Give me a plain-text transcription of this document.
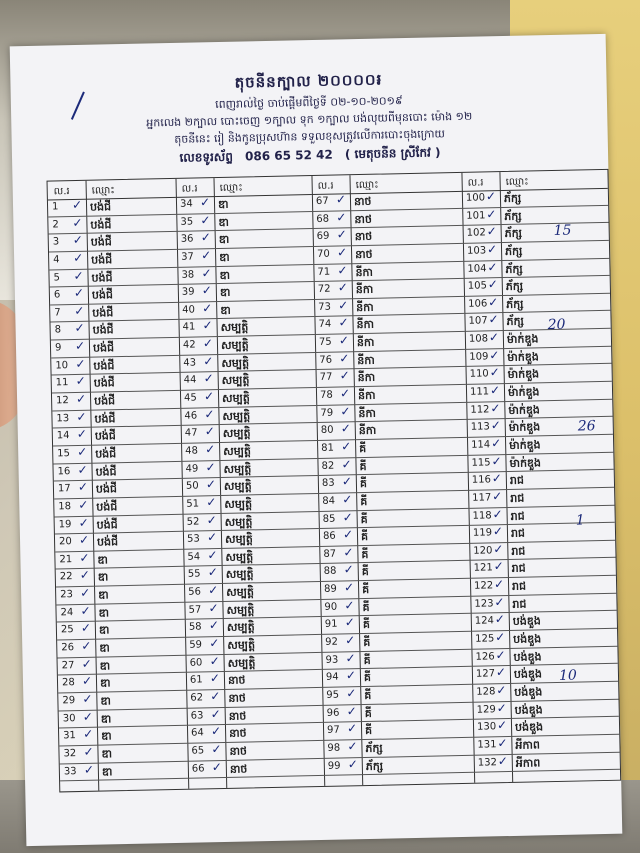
តុចនីនក្បាល ២០០០០៛
ពេញរាល់ថ្ងៃ ចាប់ផ្តើមពីថ្ងៃទី ០២-១០-២០១៩
អ្នកលេង ២ក្បាល បោះចេញ ១ក្បាល ទុក ១ក្បាល បង់លុយពីមុនបោះ ម៉ោង ១២
តុចនីនេះ រៀ និងកូនប្រុសហ៊ាន ទទួលខុសត្រូវលើការបោះចុងក្រោយ
លេខទូរស័ព្ទ 086 65 52 42 ( មេតុចនីន ស្រីកែវ )
ល.រ ឈ្មោះ
1	✓ បង់ជី
2	✓ បង់ជី
3	✓ បង់ជី
4	✓ បង់ជី
5	✓ បង់ជី
6	✓ បង់ជី
7	✓ បង់ជី
8	✓ បង់ជី
9	✓ បង់ជី
10 ✓ បង់ជី
11 ✓ បង់ជី
12 ✓ បង់ជី
13 ✓ បង់ជី
14 ✓ បង់ជី
15 ✓ បង់ជី
16 ✓ បង់ជី
17 ✓ បង់ជី
18 ✓ បង់ជី
19 ✓ បង់ជី
20 ✓ បង់ជី
21 ✓ ឌា
22 ✓ ឌា
23 ✓ ឌា
24 ✓ ឌា
25 ✓ ឌា
26 ✓ ឌា
27 ✓ ឌា
28 ✓ ឌា
29 ✓ ឌា
30 ✓ ឌា
31 ✓ ឌា
32 ✓ ឌា
33 ✓ ឌា
ល.រ ឈ្មោះ
34 ✓ ឌា
35 ✓ ឌា
36 ✓ ឌា
37 ✓ ឌា
38 ✓ ឌា
39 ✓ ឌា
40 ✓ ឌា
41 ✓ សម្បត្តិ
42 ✓ សម្បត្តិ
43 ✓ សម្បត្តិ
44 ✓ សម្បត្តិ
45 ✓ សម្បត្តិ
46 ✓ សម្បត្តិ
47 ✓ សម្បត្តិ
48 ✓ សម្បត្តិ
49 ✓ សម្បត្តិ
50 ✓ សម្បត្តិ
51 ✓ សម្បត្តិ
52 ✓ សម្បត្តិ
53 ✓ សម្បត្តិ
54 ✓ សម្បត្តិ
55 ✓ សម្បត្តិ
56 ✓ សម្បត្តិ
57 ✓ សម្បត្តិ
58 ✓ សម្បត្តិ
59 ✓ សម្បត្តិ
60 ✓ សម្បត្តិ
61 ✓ នាថ
62 ✓ នាថ
63 ✓ នាថ
64 ✓ នាថ
65 ✓ នាថ
66 ✓ នាថ
ល.រ ឈ្មោះ
67 ✓ នាថ
68 ✓ នាថ
69 ✓ នាថ
70 ✓ នាថ
71 ✓ នីកា
72 ✓ នីកា
73 ✓ នីកា
74 ✓ នីកា
75 ✓ នីកា
76 ✓ នីកា
77 ✓ នីកា
78 ✓ នីកា
79 ✓ នីកា
80 ✓ នីកា
81 ✓ គី
82 ✓ គី
83 ✓ គី
84 ✓ គី
85 ✓ គី
86 ✓ គី
87 ✓ គី
88 ✓ គី
89 ✓ គី
90 ✓ គី
91 ✓ គី
92 ✓ គី
93 ✓ គី
94 ✓ គី
95 ✓ គី
96 ✓ គី
97 ✓ គី
98 ✓ ភ័ក្ស
99 ✓ ភ័ក្ស
ល.រ ឈ្មោះ
100 ✓ ភ័ក្ស
101 ✓ ភ័ក្ស
102 ✓ ភ័ក្ស
103 ✓ ភ័ក្ស
104 ✓ ភ័ក្ស
105 ✓ ភ័ក្ស
106 ✓ ភ័ក្ស
107 ✓ ភ័ក្ស
108 ✓ ម៉ាក់ឌួង
109 ✓ ម៉ាក់ឌួង
110 ✓ ម៉ាក់ឌួង
111 ✓ ម៉ាក់ឌួង
112 ✓ ម៉ាក់ឌួង
113 ✓ ម៉ាក់ឌួង
114 ✓ ម៉ាក់ឌួង
115 ✓ ម៉ាក់ឌួង
116 ✓ រាជ
117 ✓ រាជ
118 ✓ រាជ
119 ✓ រាជ
120 ✓ រាជ
121 ✓ រាជ
122 ✓ រាជ
123 ✓ រាជ
124 ✓ បង់ឌួង
125 ✓ បង់ឌួង
126 ✓ បង់ឌួង
127 ✓ បង់ឌួង
128 ✓ បង់ឌួង
129 ✓ បង់ឌួង
130 ✓ បង់ឌួង
131 ✓ អីកាព
132 ✓ អីកាព
15
20
26
1
10
